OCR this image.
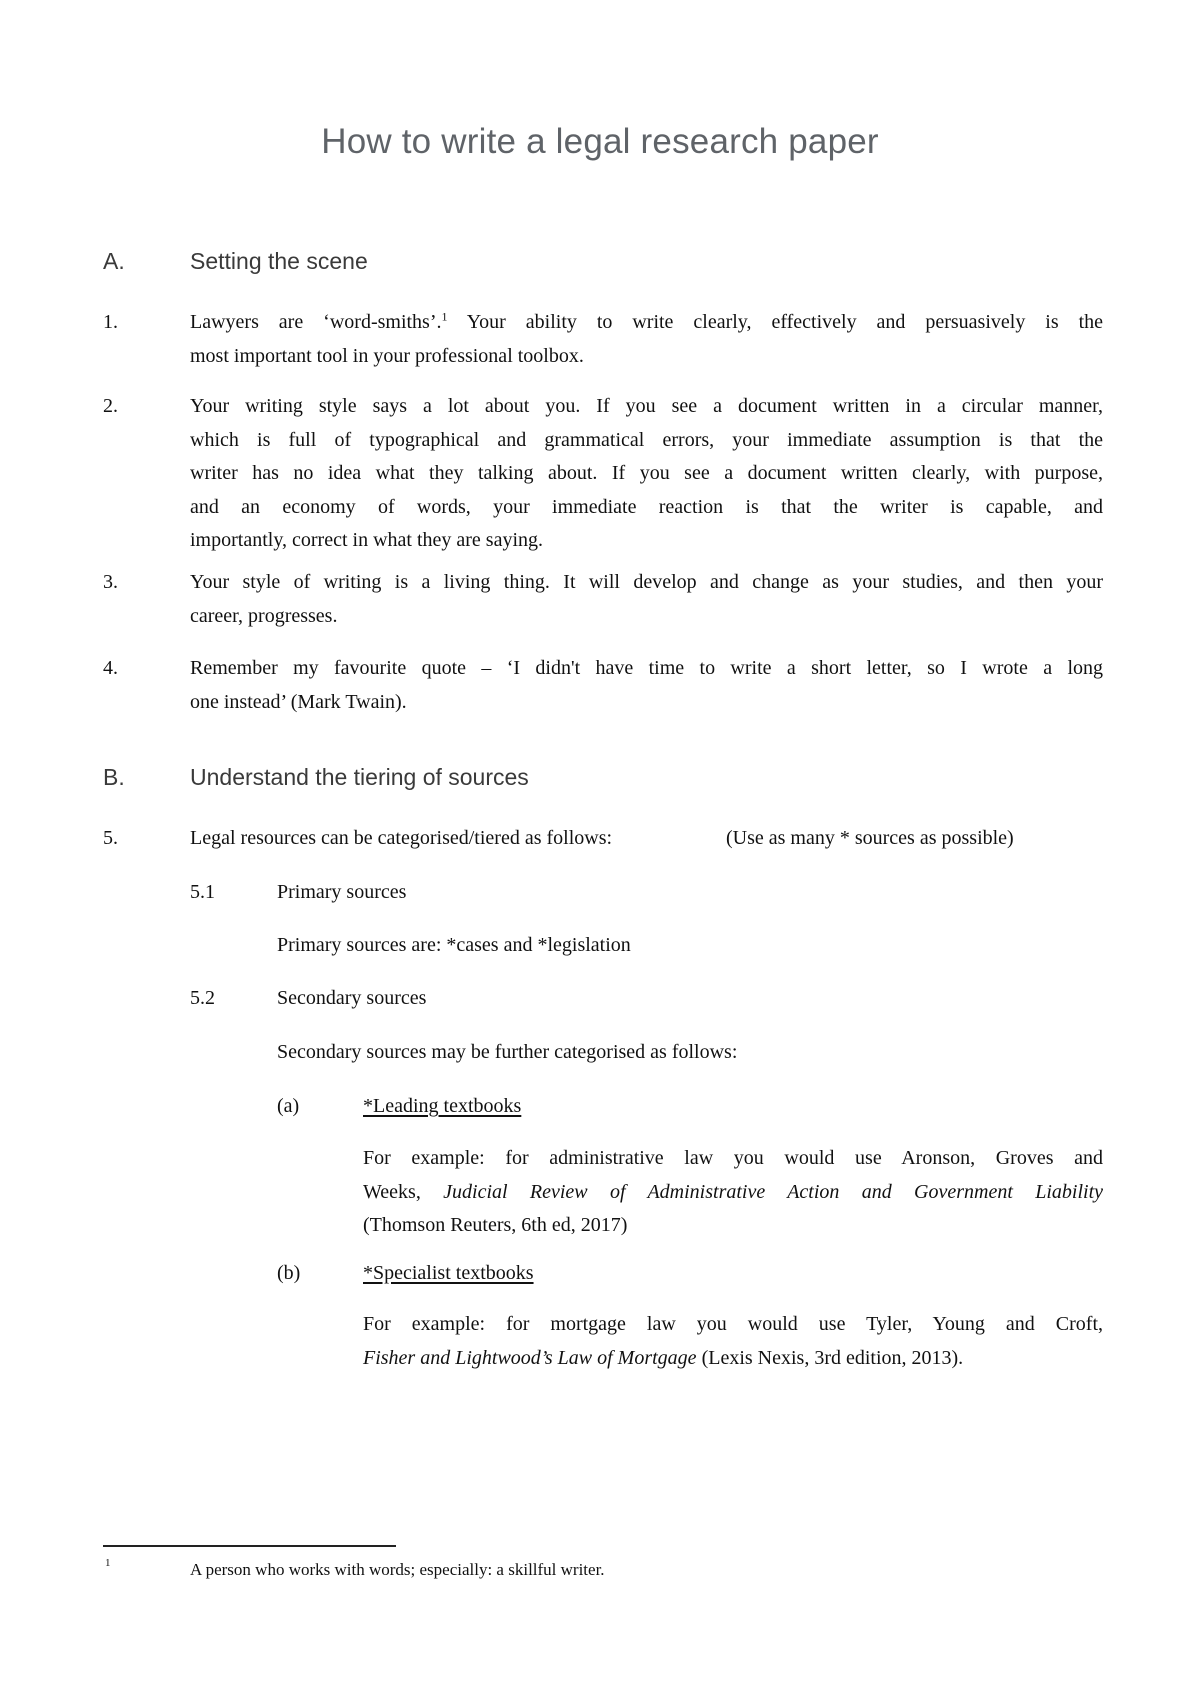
How to write a legal research paper
A.	Setting the scene
1.	Lawyers are ‘word-smiths’.$^1$ Your ability to write clearly, effectively and persuasively is the
most important tool in your professional toolbox.
2.	Your writing style says a lot about you. If you see a document written in a circular manner,
which is full of typographical and grammatical errors, your immediate assumption is that the
writer has no idea what they talking about. If you see a document written clearly, with purpose,
and an economy of words, your immediate reaction is that the writer is capable, and
importantly, correct in what they are saying.
3.	Your style of writing is a living thing. It will develop and change as your studies, and then your
career, progresses.
4.	Remember my favourite quote – ‘I didn't have time to write a short letter, so I wrote a long
one instead’ (Mark Twain).
B.	Understand the tiering of sources
5.	Legal resources can be categorised/tiered as follows:	(Use as many * sources as possible)
5.1	Primary sources
Primary sources are: *cases and *legislation
5.2	Secondary sources
Secondary sources may be further categorised as follows:
(a)	*Leading textbooks
For example: for administrative law you would use Aronson, Groves and
Weeks, Judicial Review of Administrative Action and Government Liability
(Thomson Reuters, 6th ed, 2017)
(b)	*Specialist textbooks
For example: for mortgage law you would use Tyler, Young and Croft,
Fisher and Lightwood’s Law of Mortgage (Lexis Nexis, 3rd edition, 2013).
1	A person who works with words; especially: a skillful writer.
